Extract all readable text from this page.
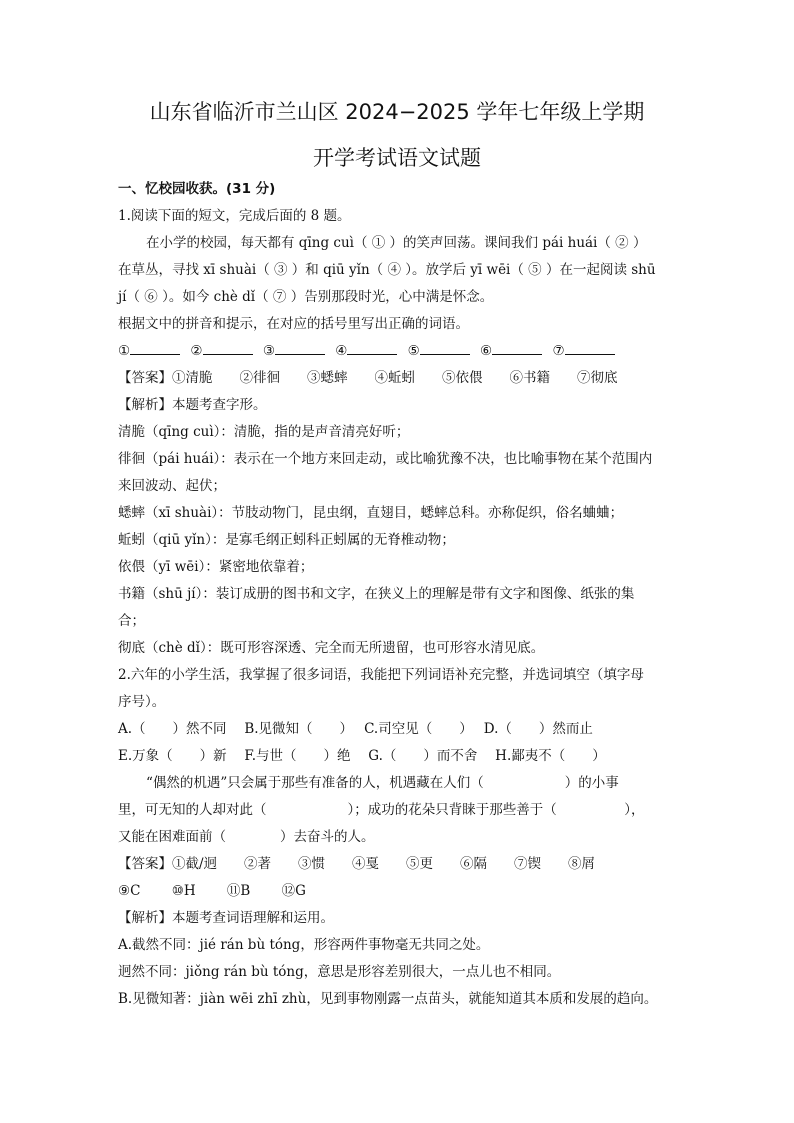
山东省临沂市兰山区 2024−2025 学年七年级上学期
开学考试语文试题
一、忆校园收获。(31 分)
1.阅读下面的短文，完成后面的 8 题。
在小学的校园，每天都有 qīng cuì（ ① ）的笑声回荡。课间我们 pái huái（ ② ）
在草丛，寻找 xī shuài（ ③ ）和 qiū yǐn（ ④ ）。放学后 yī wēi（ ⑤ ）在一起阅读 shū
jí（ ⑥ ）。如今 chè dǐ（ ⑦ ）告别那段时光，心中满是怀念。
根据文中的拼音和提示，在对应的括号里写出正确的词语。
①	②	③	④	⑤	⑥	⑦
【答案】①清脆　　②徘徊　　③蟋蟀　　④蚯蚓　　⑤依偎　　⑥书籍　　⑦彻底
【解析】本题考查字形。
清脆（qīng cuì）：清脆，指的是声音清亮好听；
徘徊（pái huái）：表示在一个地方来回走动，或比喻犹豫不决，也比喻事物在某个范围内
来回波动、起伏；
蟋蟀（xī shuài）：节肢动物门，昆虫纲，直翅目，蟋蟀总科。亦称促织，俗名蛐蛐；
蚯蚓（qiū yǐn）：是寡毛纲正蚓科正蚓属的无脊椎动物；
依偎（yī wēi）：紧密地依靠着；
书籍（shū jí）：装订成册的图书和文字，在狭义上的理解是带有文字和图像、纸张的集
合；
彻底（chè dǐ）：既可形容深透、完全而无所遗留，也可形容水清见底。
2.六年的小学生活，我掌握了很多词语，我能把下列词语补充完整，并选词填空（填字母
序号）。
A.（　　）然不同　 B.见微知（　　）　 C.司空见（　　）　 D.（　　）然而止
E.万象（　　）新　 F.与世（　　）绝　 G.（　　）而不舍　 H.鄙夷不（　　）
“偶然的机遇”只会属于那些有准备的人，机遇藏在人们（　　　　　　）的小事
里，可无知的人却对此（　　　　　　）；成功的花朵只背睐于那些善于（　　　　　），
又能在困难面前（　　　　）去奋斗的人。
【答案】①截/迥　　②著　　③惯　　④戛　　⑤更　　⑥隔　　⑦锲　　⑧屑
⑨C　　 ⑩H　　 ⑪B　　 ⑫G
【解析】本题考查词语理解和运用。
A.截然不同：jié rán bù tóng，形容两件事物毫无共同之处。
迥然不同：jiǒng rán bù tóng，意思是形容差别很大，一点儿也不相同。
B.见微知著：jiàn wēi zhī zhù，见到事物刚露一点苗头，就能知道其本质和发展的趋向。
